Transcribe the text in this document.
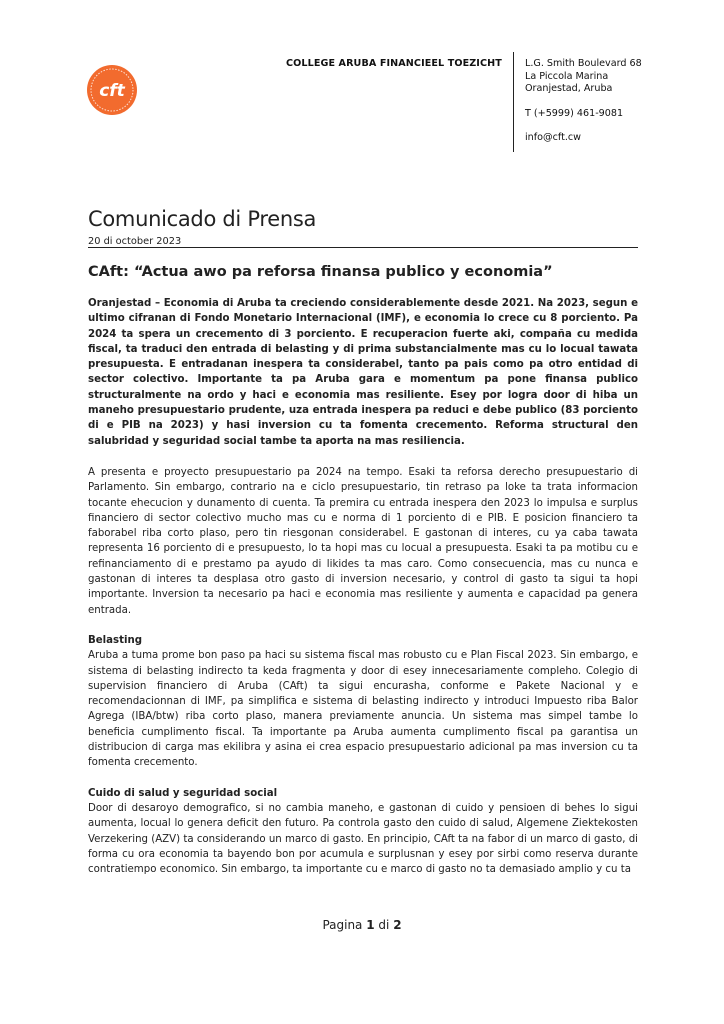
cft
COLLEGE ARUBA FINANCIEEL TOEZICHT L.G. Smith Boulevard 68
La Piccola Marina
Oranjestad, Aruba
T (+5999) 461-9081
info@cft.cw
Comunicado di Prensa
20 di october 2023
CAft: “Actua awo pa reforsa finansa publico y economia”

Oranjestad – Economia di Aruba ta creciendo considerablemente desde 2021. Na 2023, segun e ultimo cifranan di Fondo Monetario Internacional (IMF), e economia lo crece cu 8 porciento. Pa 2024 ta spera un crecemento di 3 porciento. E recuperacion fuerte aki, compaña cu medida fiscal, ta traduci den entrada di belasting y di prima substancialmente mas cu lo locual tawata presupuesta. E entradanan inespera ta considerabel, tanto pa pais como pa otro entidad di sector colectivo. Importante ta pa Aruba gara e momentum pa pone finansa publico structuralmente na ordo y haci e economia mas resiliente. Esey por logra door di hiba un maneho presupuestario prudente, uza entrada inespera pa reduci e debe publico (83 porciento di e PIB na 2023) y hasi inversion cu ta fomenta crecemento. Reforma structural den salubridad y seguridad social tambe ta aporta na mas resiliencia.

A presenta e proyecto presupuestario pa 2024 na tempo. Esaki ta reforsa derecho presupuestario di Parlamento. Sin embargo, contrario na e ciclo presupuestario, tin retraso pa loke ta trata informacion tocante ehecucion y dunamento di cuenta. Ta premira cu entrada inespera den 2023 lo impulsa e surplus financiero di sector colectivo mucho mas cu e norma di 1 porciento di e PIB. E posicion financiero ta faborabel riba corto plaso, pero tin riesgonan considerabel. E gastonan di interes, cu ya caba tawata representa 16 porciento di e presupuesto, lo ta hopi mas cu locual a presupuesta. Esaki ta pa motibu cu e refinanciamento di e prestamo pa ayudo di likides ta mas caro. Como consecuencia, mas cu nunca e gastonan di interes ta desplasa otro gasto di inversion necesario, y control di gasto ta sigui ta hopi importante. Inversion ta necesario pa haci e economia mas resiliente y aumenta e capacidad pa genera entrada.

Belasting

Aruba a tuma prome bon paso pa haci su sistema fiscal mas robusto cu e Plan Fiscal 2023. Sin embargo, e sistema di belasting indirecto ta keda fragmenta y door di esey innecesariamente compleho. Colegio di supervision financiero di Aruba (CAft) ta sigui encurasha, conforme e Pakete Nacional y e recomendacionnan di IMF, pa simplifica e sistema di belasting indirecto y introduci Impuesto riba Balor Agrega (IBA/btw) riba corto plaso, manera previamente anuncia. Un sistema mas simpel tambe lo beneficia cumplimento fiscal. Ta importante pa Aruba aumenta cumplimento fiscal pa garantisa un distribucion di carga mas ekilibra y asina ei crea espacio presupuestario adicional pa mas inversion cu ta fomenta crecemento.

Cuido di salud y seguridad social

Door di desaroyo demografico, si no cambia maneho, e gastonan di cuido y pensioen di behes lo sigui aumenta, locual lo genera deficit den futuro. Pa controla gasto den cuido di salud, Algemene Ziektekosten Verzekering (AZV) ta considerando un marco di gasto. En principio, CAft ta na fabor di un marco di gasto, di forma cu ora economia ta bayendo bon por acumula e surplusnan y esey por sirbi como reserva durante contratiempo economico. Sin embargo, ta importante cu e marco di gasto no ta demasiado amplio y cu ta

Pagina 1 di 2
